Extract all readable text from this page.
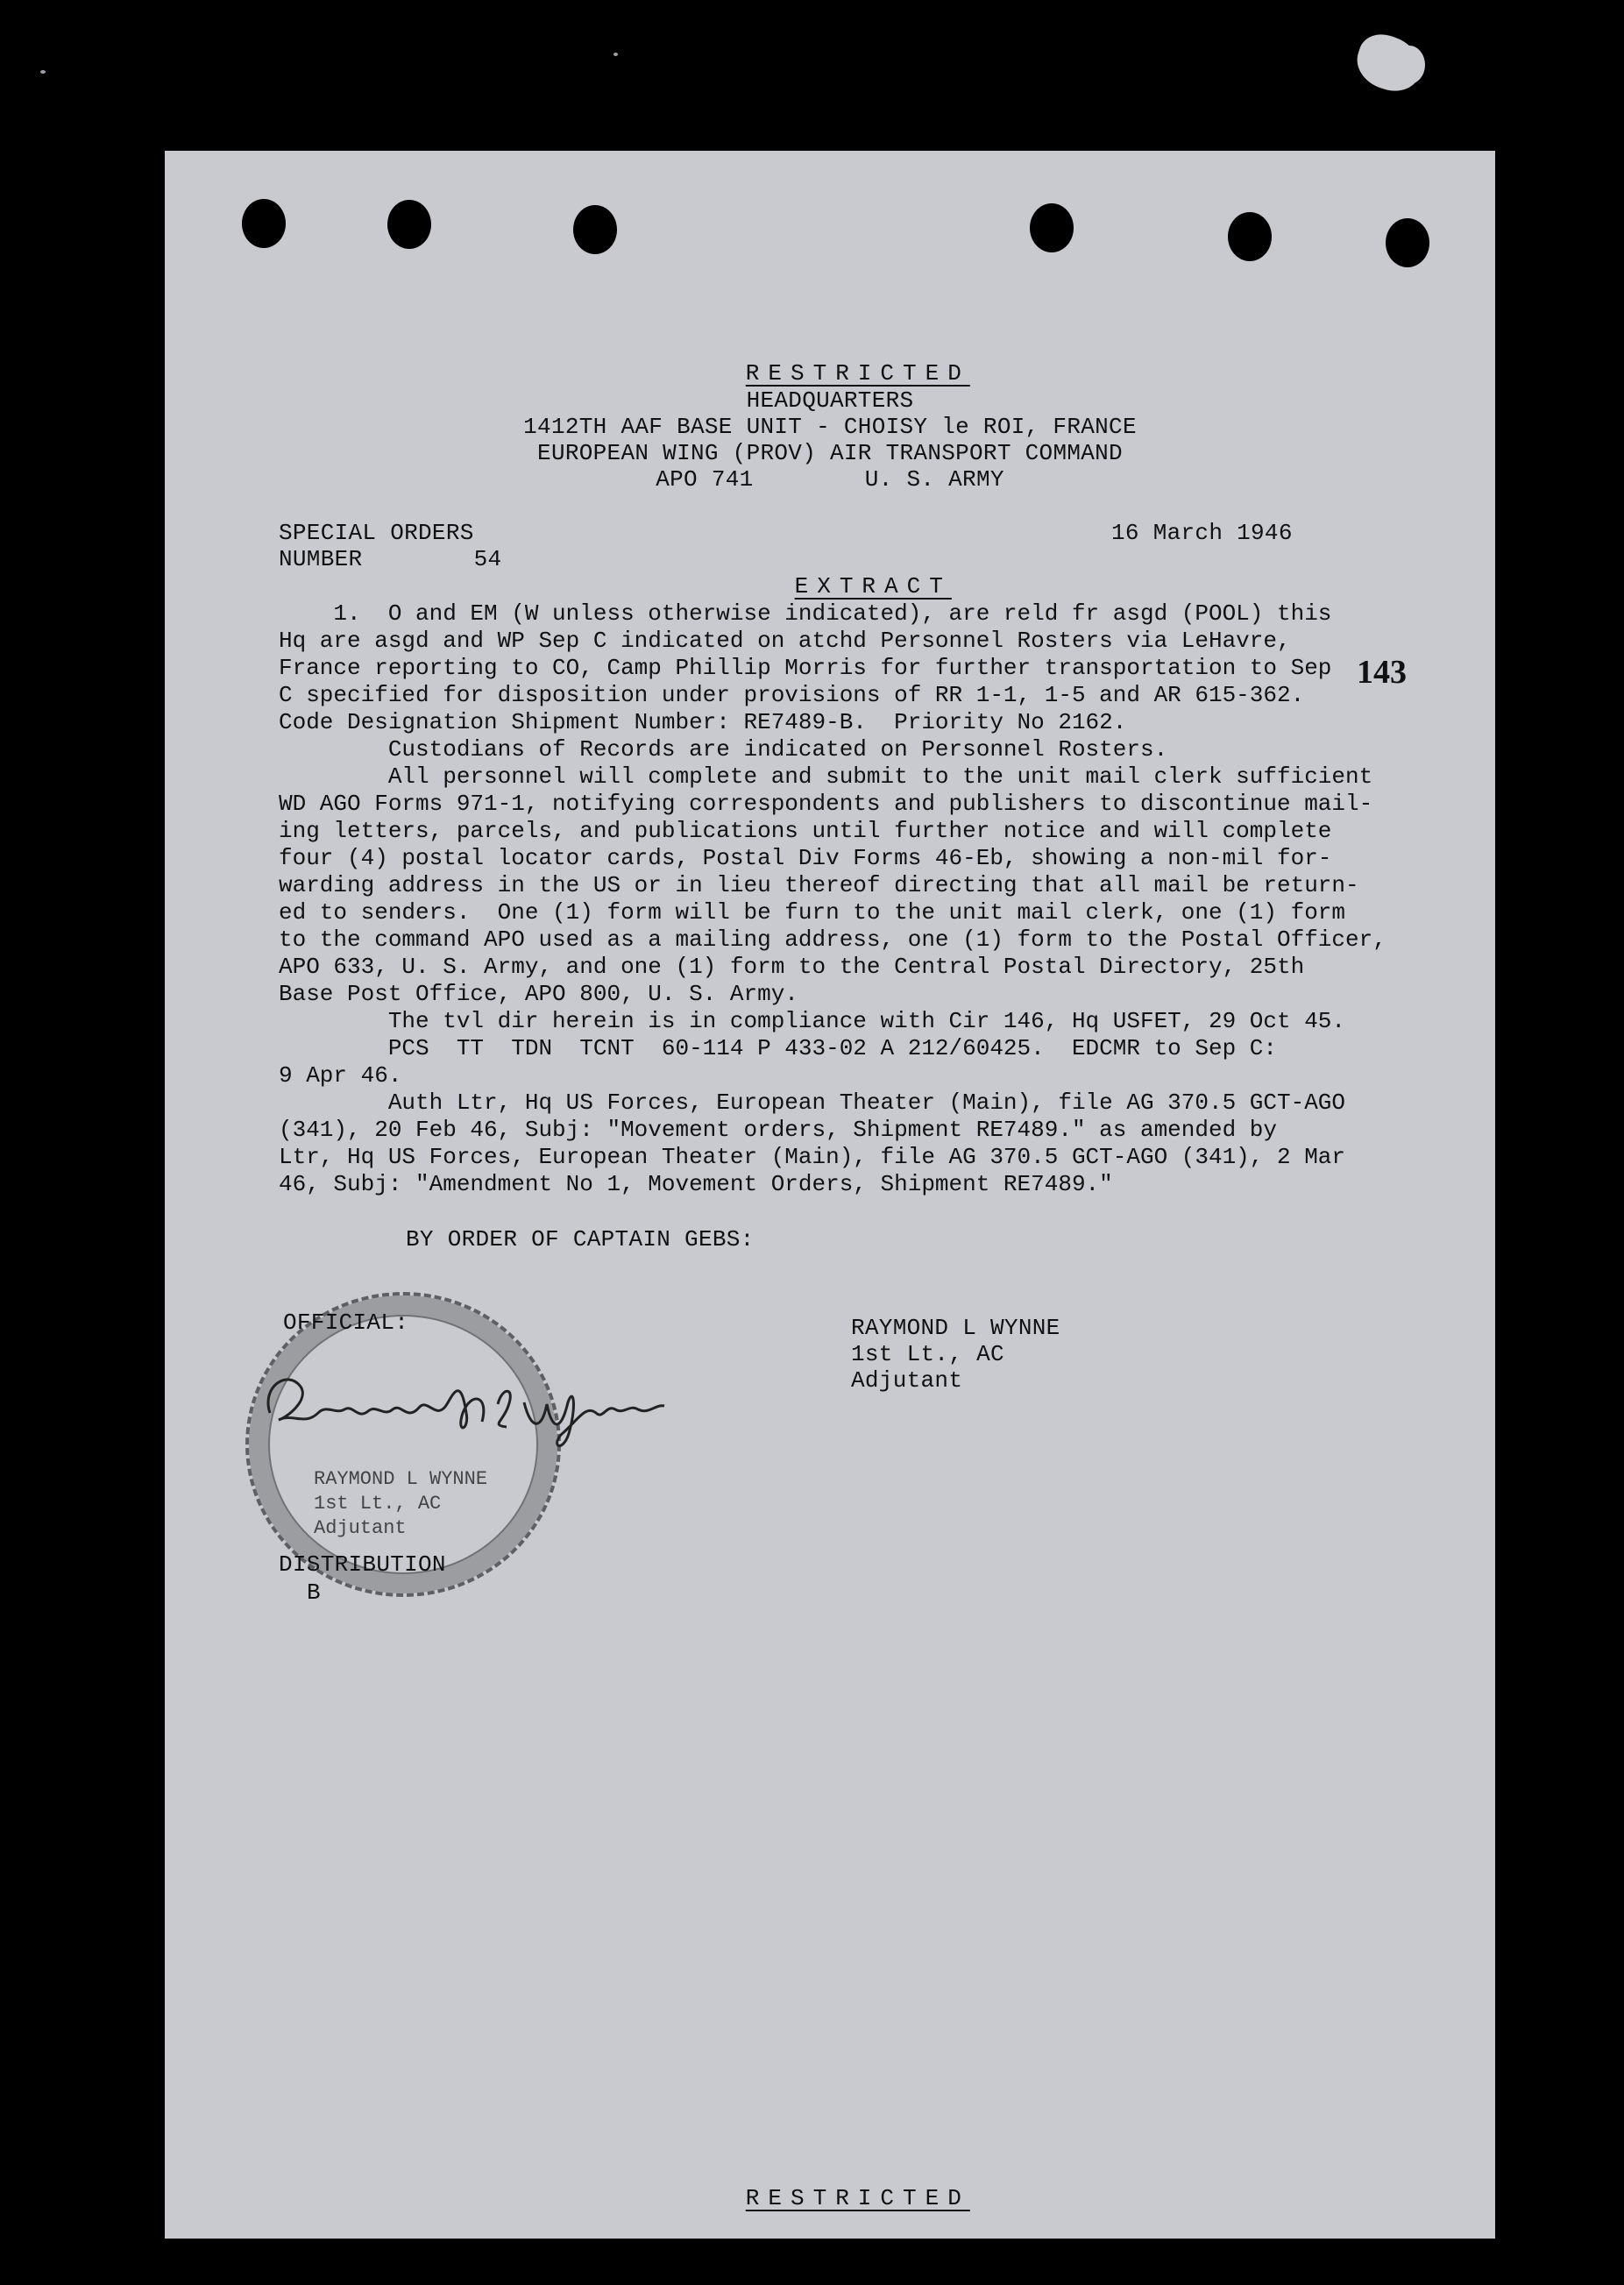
RESTRICTED

HEADQUARTERS

1412TH AAF BASE UNIT - CHOISY le ROI, FRANCE

EUROPEAN WING (PROV) AIR TRANSPORT COMMAND

APO 741        U. S. ARMY

SPECIAL ORDERS

NUMBER        54

16 March 1946

EXTRACT

143

1.  O and EM (W unless otherwise indicated), are reld fr asgd (POOL) this
Hq are asgd and WP Sep C indicated on atchd Personnel Rosters via LeHavre,
France reporting to CO, Camp Phillip Morris for further transportation to Sep
C specified for disposition under provisions of RR 1-1, 1-5 and AR 615-362.
Code Designation Shipment Number: RE7489-B.  Priority No 2162.

Custodians of Records are indicated on Personnel Rosters.

All personnel will complete and submit to the unit mail clerk sufficient
WD AGO Forms 971-1, notifying correspondents and publishers to discontinue mail-
ing letters, parcels, and publications until further notice and will complete
four (4) postal locator cards, Postal Div Forms 46-Eb, showing a non-mil for-
warding address in the US or in lieu thereof directing that all mail be return-
ed to senders.  One (1) form will be furn to the unit mail clerk, one (1) form
to the command APO used as a mailing address, one (1) form to the Postal Officer,
APO 633, U. S. Army, and one (1) form to the Central Postal Directory, 25th
Base Post Office, APO 800, U. S. Army.

The tvl dir herein is in compliance with Cir 146, Hq USFET, 29 Oct 45.

PCS  TT  TDN  TCNT  60-114 P 433-02 A 212/60425.  EDCMR to Sep C:
9 Apr 46.

Auth Ltr, Hq US Forces, European Theater (Main), file AG 370.5 GCT-AGO
(341), 20 Feb 46, Subj: "Movement orders, Shipment RE7489." as amended by
Ltr, Hq US Forces, European Theater (Main), file AG 370.5 GCT-AGO (341), 2 Mar
46, Subj: "Amendment No 1, Movement Orders, Shipment RE7489."

BY ORDER OF CAPTAIN GEBS:

OFFICIAL:

RAYMOND L WYNNE
1st Lt., AC
Adjutant

RAYMOND L WYNNE
1st Lt., AC
Adjutant

DISTRIBUTION

B

RESTRICTED
